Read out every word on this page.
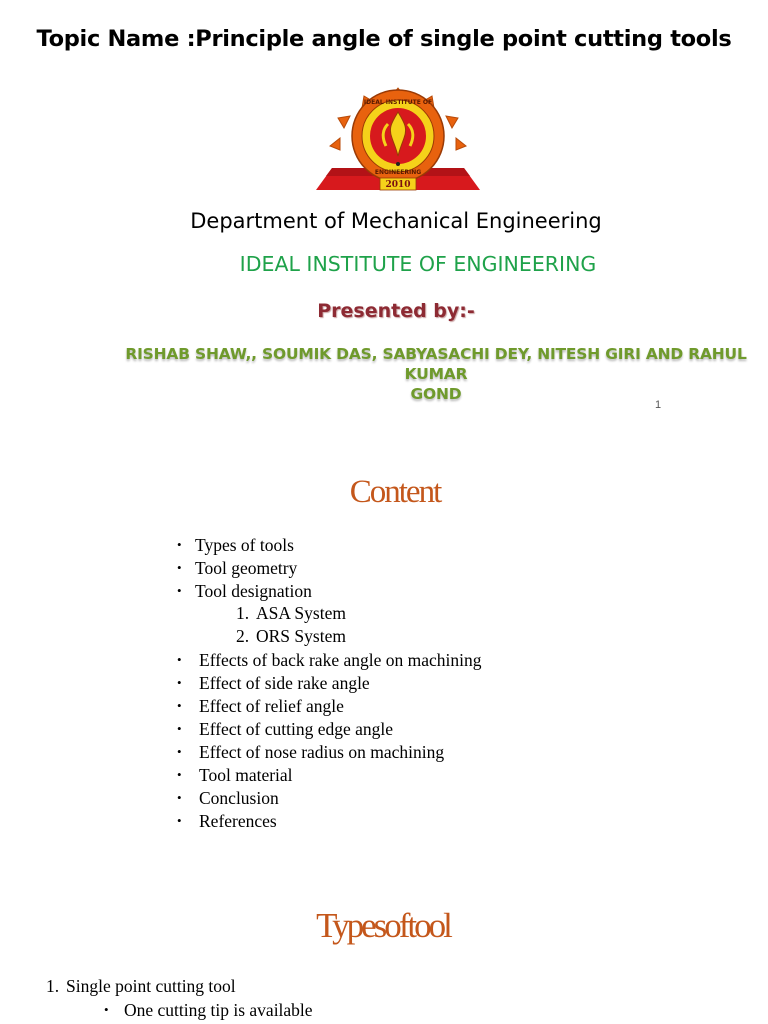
Topic Name :Principle angle of single point cutting tools
IDEAL INSTITUTE OF
ENGINEERING
2010
Department of Mechanical Engineering
IDEAL INSTITUTE OF ENGINEERING
Presented by:-
RISHAB SHAW,, SOUMIK DAS, SABYASACHI DEY, NITESH GIRI AND RAHUL KUMAR
GOND
1
Content
• Types of tools
• Tool geometry
• Tool designation
1. ASA System
2. ORS System
• Effects of back rake angle on machining
• Effect of side rake angle
• Effect of relief angle
• Effect of cutting edge angle
• Effect of nose radius on machining
• Tool material
• Conclusion
• References
Typesoftool
1. Single point cutting tool
• One cutting tip is available
